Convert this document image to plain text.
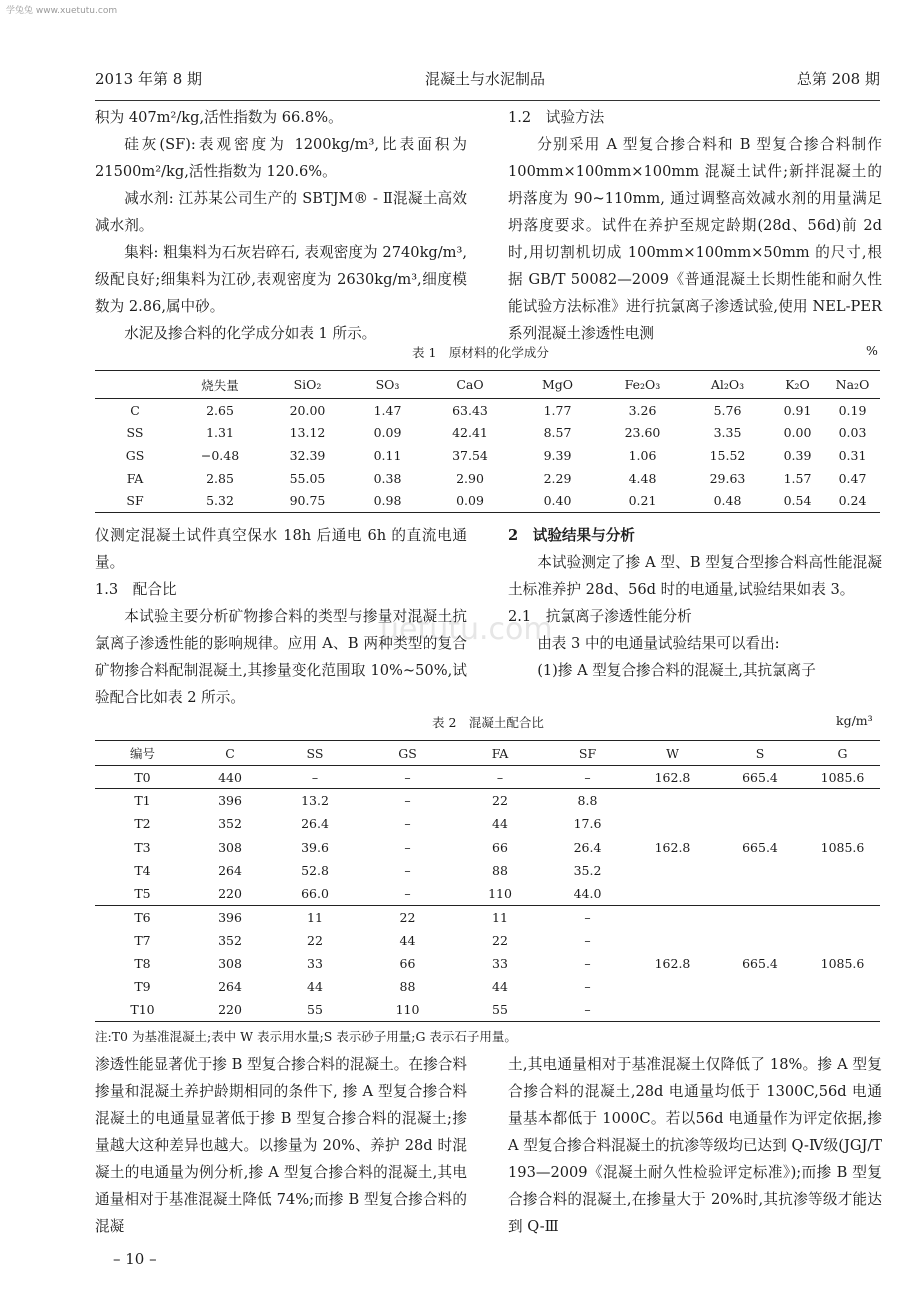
学兔兔 www.xuetutu.com
uetutu.com
2013 年第 8 期	混凝土与水泥制品	总第 208 期

积为 407m²/kg,活性指数为 66.8%。

硅灰(SF):表观密度为 1200kg/m³,比表面积为 21500m²/kg,活性指数为 120.6%。

减水剂: 江苏某公司生产的 SBTJM® - Ⅱ混凝土高效减水剂。

集料: 粗集料为石灰岩碎石, 表观密度为 2740kg/m³,级配良好;细集料为江砂,表观密度为 2630kg/m³,细度模数为 2.86,属中砂。

水泥及掺合料的化学成分如表 1 所示。

1.2　试验方法

分别采用 A 型复合掺合料和 B 型复合掺合料制作 100mm×100mm×100mm 混凝土试件;新拌混凝土的坍落度为 90~110mm, 通过调整高效减水剂的用量满足坍落度要求。试件在养护至规定龄期(28d、56d)前 2d 时,用切割机切成 100mm×100mm×50mm 的尺寸,根据 GB/T 50082—2009《普通混凝土长期性能和耐久性能试验方法标准》进行抗氯离子渗透试验,使用 NEL-PER 系列混凝土渗透性电测

表 1　原材料的化学成分	%
	烧失量	SiO₂	SO₃	CaO	MgO	Fe₂O₃	Al₂O₃	K₂O	Na₂O
C	2.65	20.00	1.47	63.43	1.77	3.26	5.76	0.91	0.19
SS	1.31	13.12	0.09	42.41	8.57	23.60	3.35	0.00	0.03
GS	−0.48	32.39	0.11	37.54	9.39	1.06	15.52	0.39	0.31
FA	2.85	55.05	0.38	2.90	2.29	4.48	29.63	1.57	0.47
SF	5.32	90.75	0.98	0.09	0.40	0.21	0.48	0.54	0.24

仪测定混凝土试件真空保水 18h 后通电 6h 的直流电通量。

1.3　配合比

本试验主要分析矿物掺合料的类型与掺量对混凝土抗氯离子渗透性能的影响规律。应用 A、B 两种类型的复合矿物掺合料配制混凝土,其掺量变化范围取 10%~50%,试验配合比如表 2 所示。

2　试验结果与分析

本试验测定了掺 A 型、B 型复合型掺合料高性能混凝土标准养护 28d、56d 时的电通量,试验结果如表 3。

2.1　抗氯离子渗透性能分析

由表 3 中的电通量试验结果可以看出:

(1)掺 A 型复合掺合料的混凝土,其抗氯离子

表 2　混凝土配合比	kg/m³
编号	C	SS	GS	FA	SF	W	S	G
T0	440	–	–	–	–	162.8	665.4	1085.6
T1	396	13.2	–	22	8.8	162.8	665.4	1085.6
T2	352	26.4	–	44	17.6			
T3	308	39.6	–	66	26.4			
T4	264	52.8	–	88	35.2			
T5	220	66.0	–	110	44.0			
T6	396	11	22	11	–	162.8	665.4	1085.6
T7	352	22	44	22	–			
T8	308	33	66	33	–			
T9	264	44	88	44	–			
T10	220	55	110	55	–			
注:T0 为基准混凝土;表中 W 表示用水量;S 表示砂子用量;G 表示石子用量。

渗透性能显著优于掺 B 型复合掺合料的混凝土。在掺合料掺量和混凝土养护龄期相同的条件下, 掺 A 型复合掺合料混凝土的电通量显著低于掺 B 型复合掺合料的混凝土;掺量越大这种差异也越大。以掺量为 20%、养护 28d 时混凝土的电通量为例分析,掺 A 型复合掺合料的混凝土,其电通量相对于基准混凝土降低 74%;而掺 B 型复合掺合料的混凝

土,其电通量相对于基准混凝土仅降低了 18%。掺 A 型复合掺合料的混凝土,28d 电通量均低于 1300C,56d 电通量基本都低于 1000C。若以56d 电通量作为评定依据,掺 A 型复合掺合料混凝土的抗渗等级均已达到 Q-Ⅳ级(JGJ/T 193—2009《混凝土耐久性检验评定标准》);而掺 B 型复合掺合料的混凝土,在掺量大于 20%时,其抗渗等级才能达到 Q-Ⅲ

– 10 –
